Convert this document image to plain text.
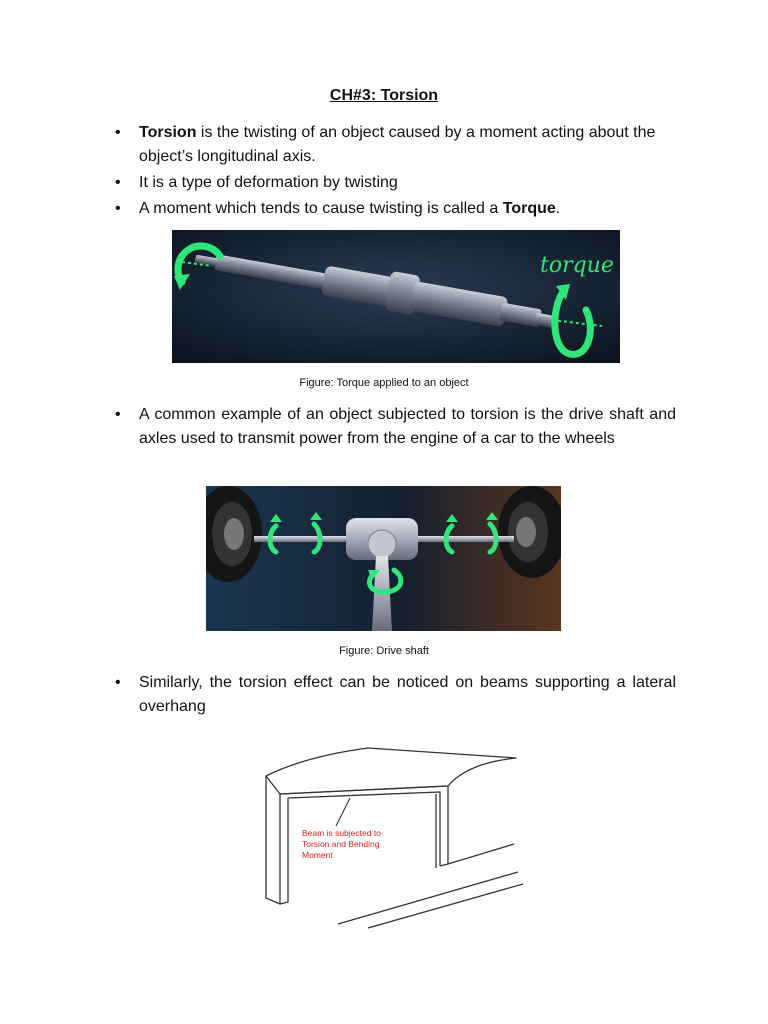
CH#3: Torsion
• Torsion is the twisting of an object caused by a moment acting about the object’s longitudinal axis.
• It is a type of deformation by twisting
• A moment which tends to cause twisting is called a Torque.
torque
Figure: Torque applied to an object
• A common example of an object subjected to torsion is the drive shaft and axles used to transmit power from the engine of a car to the wheels
Figure: Drive shaft
• Similarly, the torsion effect can be noticed on beams supporting a lateral overhang
Beam is subjected to
Torsion and Bending
Moment
